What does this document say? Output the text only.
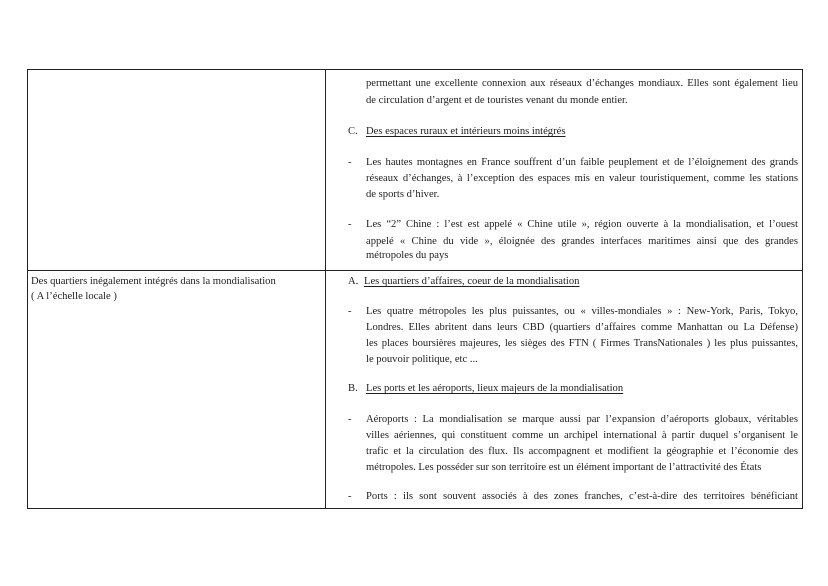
permettant une excellente connexion aux réseaux d’échanges mondiaux. Elles sont également lieu
de circulation d’argent et de touristes venant du monde entier.
C. Des espaces ruraux et intérieurs moins intégrés
- Les hautes montagnes en France souffrent d’un faible peuplement et de l’éloignement des grands
réseaux d’échanges, à l’exception des espaces mis en valeur touristiquement, comme les stations
de sports d’hiver.
- Les “2” Chine : l’est est appelé « Chine utile », région ouverte à la mondialisation, et l’ouest
appelé « Chine du vide », éloignée des grandes interfaces maritimes ainsi que des grandes
métropoles du pays
Des quartiers inégalement intégrés dans la mondialisation
( A l’échelle locale )
A. Les quartiers d’affaires, coeur de la mondialisation
- Les quatre métropoles les plus puissantes, ou « villes-mondiales » : New-York, Paris, Tokyo,
Londres. Elles abritent dans leurs CBD (quartiers d’affaires comme Manhattan ou La Défense)
les places boursières majeures, les sièges des FTN ( Firmes TransNationales ) les plus puissantes,
le pouvoir politique, etc ...
B. Les ports et les aéroports, lieux majeurs de la mondialisation
- Aéroports : La mondialisation se marque aussi par l’expansion d’aéroports globaux, véritables
villes aériennes, qui constituent comme un archipel international à partir duquel s’organisent le
trafic et la circulation des flux. Ils accompagnent et modifient la géographie et l’économie des
métropoles. Les posséder sur son territoire est un élément important de l’attractivité des États
- Ports : ils sont souvent associés à des zones franches, c’est-à-dire des territoires bénéficiant
